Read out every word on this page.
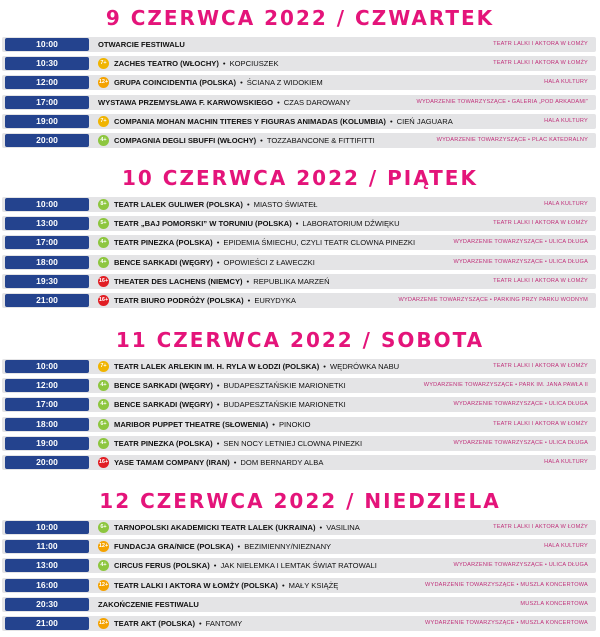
9 CZERWCA 2022 / CZWARTEK
10:00	OTWARCIE FESTIWALU	TEATR LALKI I AKTORA W ŁOMŻY
10:30	7+ ZACHES TEATRO (WŁOCHY) • KOPCIUSZEK	TEATR LALKI I AKTORA W ŁOMŻY
12:00	12+ GRUPA COINCIDENTIA (POLSKA) • ŚCIANA Z WIDOKIEM	HALA KULTURY
17:00	WYSTAWA PRZEMYSŁAWA F. KARWOWSKIEGO • CZAS DAROWANY	WYDARZENIE TOWARZYSZĄCE • GALERIA „POD ARKADAMI”
19:00	7+ COMPANIA MOHAN MACHIN TITERES Y FIGURAS ANIMADAS (KOLUMBIA) • CIEŃ JAGUARA	HALA KULTURY
20:00	4+ COMPAGNIA DEGLI SBUFFI (WŁOCHY) • TOZZABANCONE & FITTIFITTI	WYDARZENIE TOWARZYSZĄCE • PLAC KATEDRALNY
10 CZERWCA 2022 / PIĄTEK
10:00	8+ TEATR LALEK GULIWER (POLSKA) • MIASTO ŚWIATEŁ	HALA KULTURY
13:00	5+ TEATR „BAJ POMORSKI” W TORUNIU (POLSKA) • LABORATORIUM DŹWIĘKU	TEATR LALKI I AKTORA W ŁOMŻY
17:00	4+ TEATR PINEZKA (POLSKA) • EPIDEMIA ŚMIECHU, CZYLI TEATR CLOWNA PINEZKI	WYDARZENIE TOWARZYSZĄCE • ULICA DŁUGA
18:00	4+ BENCE SARKADI (WĘGRY) • OPOWIEŚCI Z ŁAWECZKI	WYDARZENIE TOWARZYSZĄCE • ULICA DŁUGA
19:30	16+ THEATER DES LACHENS (NIEMCY) • REPUBLIKA MARZEŃ	TEATR LALKI I AKTORA W ŁOMŻY
21:00	16+ TEATR BIURO PODRÓŻY (POLSKA) • EURYDYKA	WYDARZENIE TOWARZYSZĄCE • PARKING PRZY PARKU WODNYM
11 CZERWCA 2022 / SOBOTA
10:00	7+ TEATR LALEK ARLEKIN IM. H. RYLA W ŁODZI (POLSKA) • WĘDRÓWKA NABU	TEATR LALKI I AKTORA W ŁOMŻY
12:00	4+ BENCE SARKADI (WĘGRY) • BUDAPESZTAŃSKIE MARIONETKI	WYDARZENIE TOWARZYSZĄCE • PARK IM. JANA PAWŁA II
17:00	4+ BENCE SARKADI (WĘGRY) • BUDAPESZTAŃSKIE MARIONETKI	WYDARZENIE TOWARZYSZĄCE • ULICA DŁUGA
18:00	6+ MARIBOR PUPPET THEATRE (SŁOWENIA) • PINOKIO	TEATR LALKI I AKTORA W ŁOMŻY
19:00	4+ TEATR PINEZKA (POLSKA) • SEN NOCY LETNIEJ CLOWNA PINEZKI	WYDARZENIE TOWARZYSZĄCE • ULICA DŁUGA
20:00	16+ YASE TAMAM COMPANY (IRAN) • DOM BERNARDY ALBA	HALA KULTURY
12 CZERWCA 2022 / NIEDZIELA
10:00	6+ TARNOPOLSKI AKADEMICKI TEATR LALEK (UKRAINA) • VASILINA	TEATR LALKI I AKTORA W ŁOMŻY
11:00	12+ FUNDACJA GRA/NICE (POLSKA) • BEZIMIENNY/NIEZNANY	HALA KULTURY
13:00	4+ CIRCUS FERUS (POLSKA) • JAK NIELEMKA I LEMTAK ŚWIAT RATOWALI	WYDARZENIE TOWARZYSZĄCE • ULICA DŁUGA
16:00	12+ TEATR LALKI I AKTORA W ŁOMŻY (POLSKA) • MAŁY KSIĄŻĘ	WYDARZENIE TOWARZYSZĄCE • MUSZLA KONCERTOWA
20:30	ZAKOŃCZENIE FESTIWALU	MUSZLA KONCERTOWA
21:00	12+ TEATR AKT (POLSKA) • FANTOMY	WYDARZENIE TOWARZYSZĄCE • MUSZLA KONCERTOWA
